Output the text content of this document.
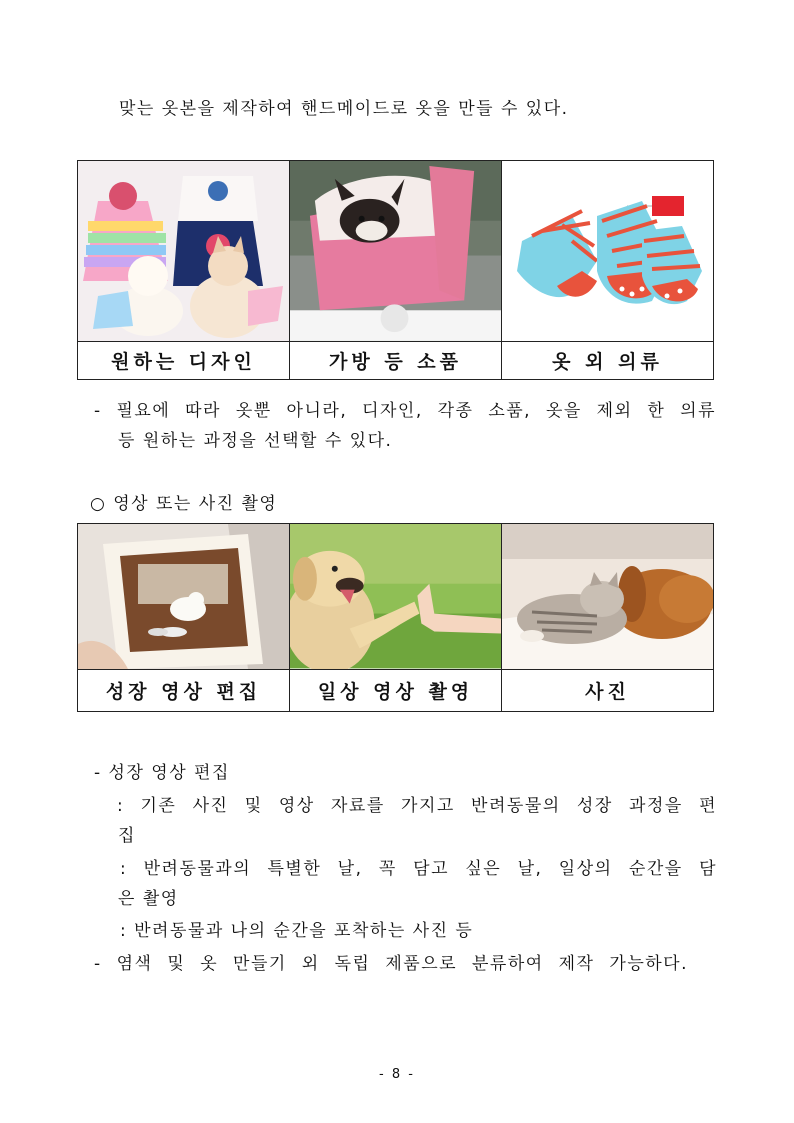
맞는 옷본을 제작하여 핸드메이드로 옷을 만들 수 있다.

원하는 디자인	가방 등 소품	옷 외 의류
- 필요에 따라 옷뿐 아니라, 디자인, 각종 소품, 옷을 제외 한 의류
등 원하는 과정을 선택할 수 있다.
○ 영상 또는 사진 촬영

성장 영상 편집	일상 영상 촬영	사진
- 성장 영상 편집
: 기존 사진 및 영상 자료를 가지고 반려동물의 성장 과정을 편
집
: 반려동물과의 특별한 날, 꼭 담고 싶은 날, 일상의 순간을 담
은 촬영
: 반려동물과 나의 순간을 포착하는 사진 등
- 염색 및 옷 만들기 외 독립 제품으로 분류하여 제작 가능하다.
- 8 -
